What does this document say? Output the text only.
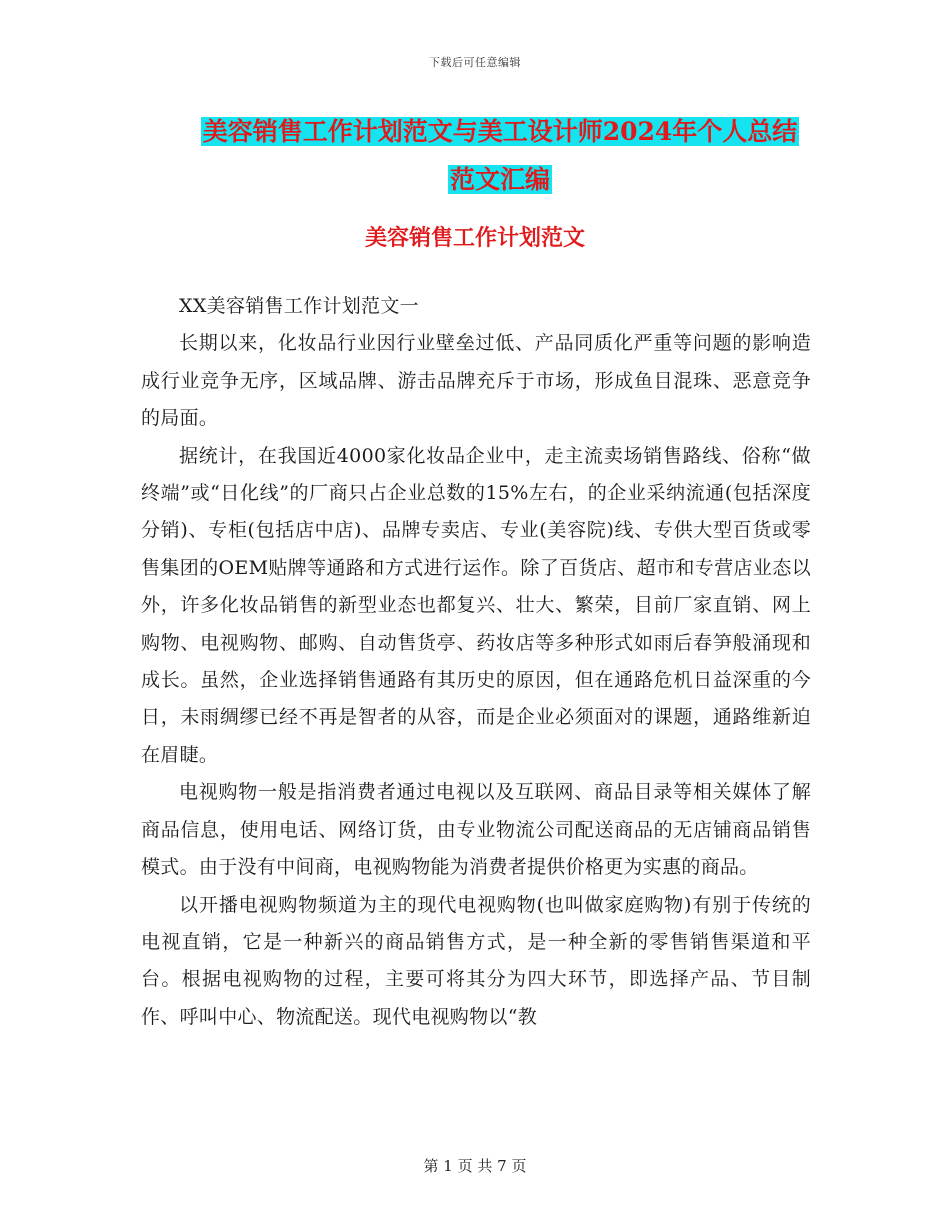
下载后可任意编辑
美容销售工作计划范文与美工设计师2024年个人总结
范文汇编
美容销售工作计划范文

XX美容销售工作计划范文一

长期以来，化妆品行业因行业壁垒过低、产品同质化严重等问题的影响造成行业竞争无序，区域品牌、游击品牌充斥于市场，形成鱼目混珠、恶意竞争的局面。

据统计，在我国近4000家化妆品企业中，走主流卖场销售路线、俗称“做终端”或“日化线”的厂商只占企业总数的15%左右，的企业采纳流通(包括深度分销)、专柜(包括店中店)、品牌专卖店、专业(美容院)线、专供大型百货或零售集团的OEM贴牌等通路和方式进行运作。除了百货店、超市和专营店业态以外，许多化妆品销售的新型业态也都复兴、壮大、繁荣，目前厂家直销、网上购物、电视购物、邮购、自动售货亭、药妆店等多种形式如雨后春笋般涌现和成长。虽然，企业选择销售通路有其历史的原因，但在通路危机日益深重的今日，未雨绸缪已经不再是智者的从容，而是企业必须面对的课题，通路维新迫在眉睫。

电视购物一般是指消费者通过电视以及互联网、商品目录等相关媒体了解商品信息，使用电话、网络订货，由专业物流公司配送商品的无店铺商品销售模式。由于没有中间商，电视购物能为消费者提供价格更为实惠的商品。

以开播电视购物频道为主的现代电视购物(也叫做家庭购物)有别于传统的电视直销，它是一种新兴的商品销售方式，是一种全新的零售销售渠道和平台。根据电视购物的过程，主要可将其分为四大环节，即选择产品、节目制作、呼叫中心、物流配送。现代电视购物以“教

第 1 页 共 7 页
